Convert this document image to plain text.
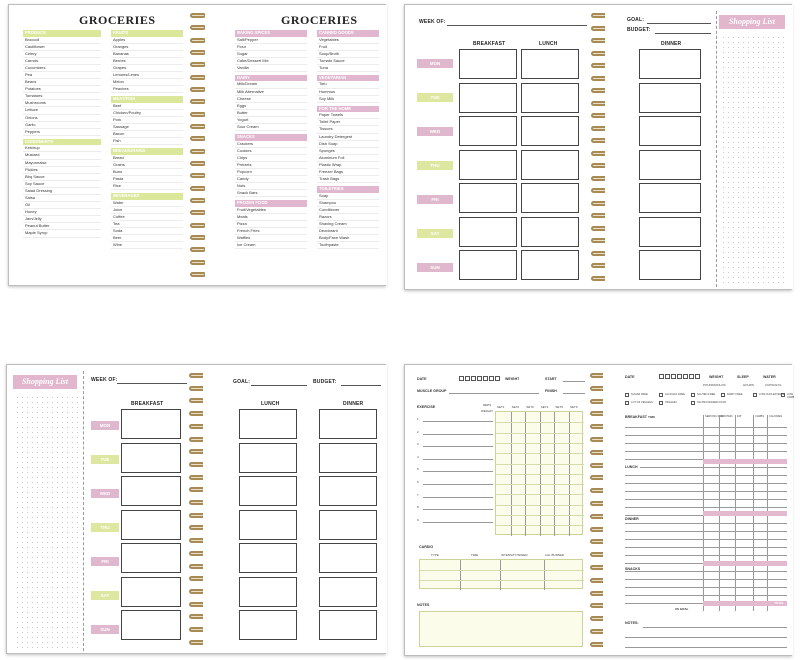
GROCERIES
PRODUCE
Broccoli
Cauliflower
Celery
Carrots
Cucumbers
Pea
Beans
Potatoes
Tomatoes
Mushrooms
Lettuce
Onions
Garlic
Peppers
CONDIMENTS
Ketchup
Mustard
Mayonnaise
Pickles
Bbq Sauce
Soy Sauce
Salad Dressing
Salsa
Oil
Honey
Jam/Jelly
Peanut Butter
Maple Syrup
FRUITS
Apples
Oranges
Bananas
Berries
Grapes
Lemons/Limes
Melon
Peaches
MEAT/FISH
Beef
Chicken/Poultry
Pork
Sausage
Bacon
Fish
BREAD/GRAINS
Bread
Grains
Buns
Pasta
Rice
BEVERAGES
Water
Juice
Coffee
Tea
Soda
Beer
Wine
GROCERIES
BAKING SPICES
Salt/Pepper
Flour
Sugar
Cake/Dessert Mix
Vanilla
DAIRY
Milk/Dream
Milk Alternative
Cheese
Eggs
Butter
Yogurt
Sour Cream
SNACKS
Crackers
Cookies
Chips
Pretzels
Popcorn
Candy
Nuts
Snack Bars
FROZEN FOOD
Fruit/Vegetables
Meals
Pizza
French Fries
Waffles
Ice Cream
CANNED GOODS
Vegetables
Fruit
Soup/Broth
Tomato Sauce
Tuna
VEGETARIAN
Tofu
Hummus
Soy Milk
FOR THE HOME
Paper Towels
Toilet Paper
Tissues
Laundry Detergent
Dish Soap
Sponges
Aluminum Foil
Plastic Wrap
Freezer Bags
Trash Bags
TOILETRIES
Soap
Shampoo
Conditioner
Razors
Shaving Cream
Deodorant
Body/Face Wash
Toothpaste
WEEK OF:
BREAKFAST	LUNCH
MON
TUE
WED
THU
FRI
SAT
SUN
GOAL:
BUDGET:
DINNER
Shopping List
Shopping List	WEEK OF:
BREAKFAST
MON
TUE
WED
THU
FRI
SAT
SUN
GOAL:	BUDGET:
LUNCH	DINNER
DATE	WEIGHT	START
MUSCLE GROUP	FINISH
EXERCISE	REPS
WEIGHT
SET1 SET2 SET3 SET4 SET5 SET6
1
2
3
4
5
6
7
8
9
CARDIO
TYPE	TIME	INTENSITY/SPEED	CAL BURNED
NOTES
DATE	WEIGHT	SLEEP	WATER
POUNDS/KILOS	HOURS	CUPS/32 FL
SUGAR FREE	ALCOHOL FREE	GLUTEN FREE	DAIRY FREE	LOW CHOLESTEROL LOW CARB
LOT OF VEGGIES	ORGANIC	NO PROCESSED FOOD
BREAKFAST TIME	SERVING SIZE
PROTEIN FAT	CARBS CALORIES
LUNCH
DINNER
SNACKS
TOTAL
VS GOAL
NOTES:
